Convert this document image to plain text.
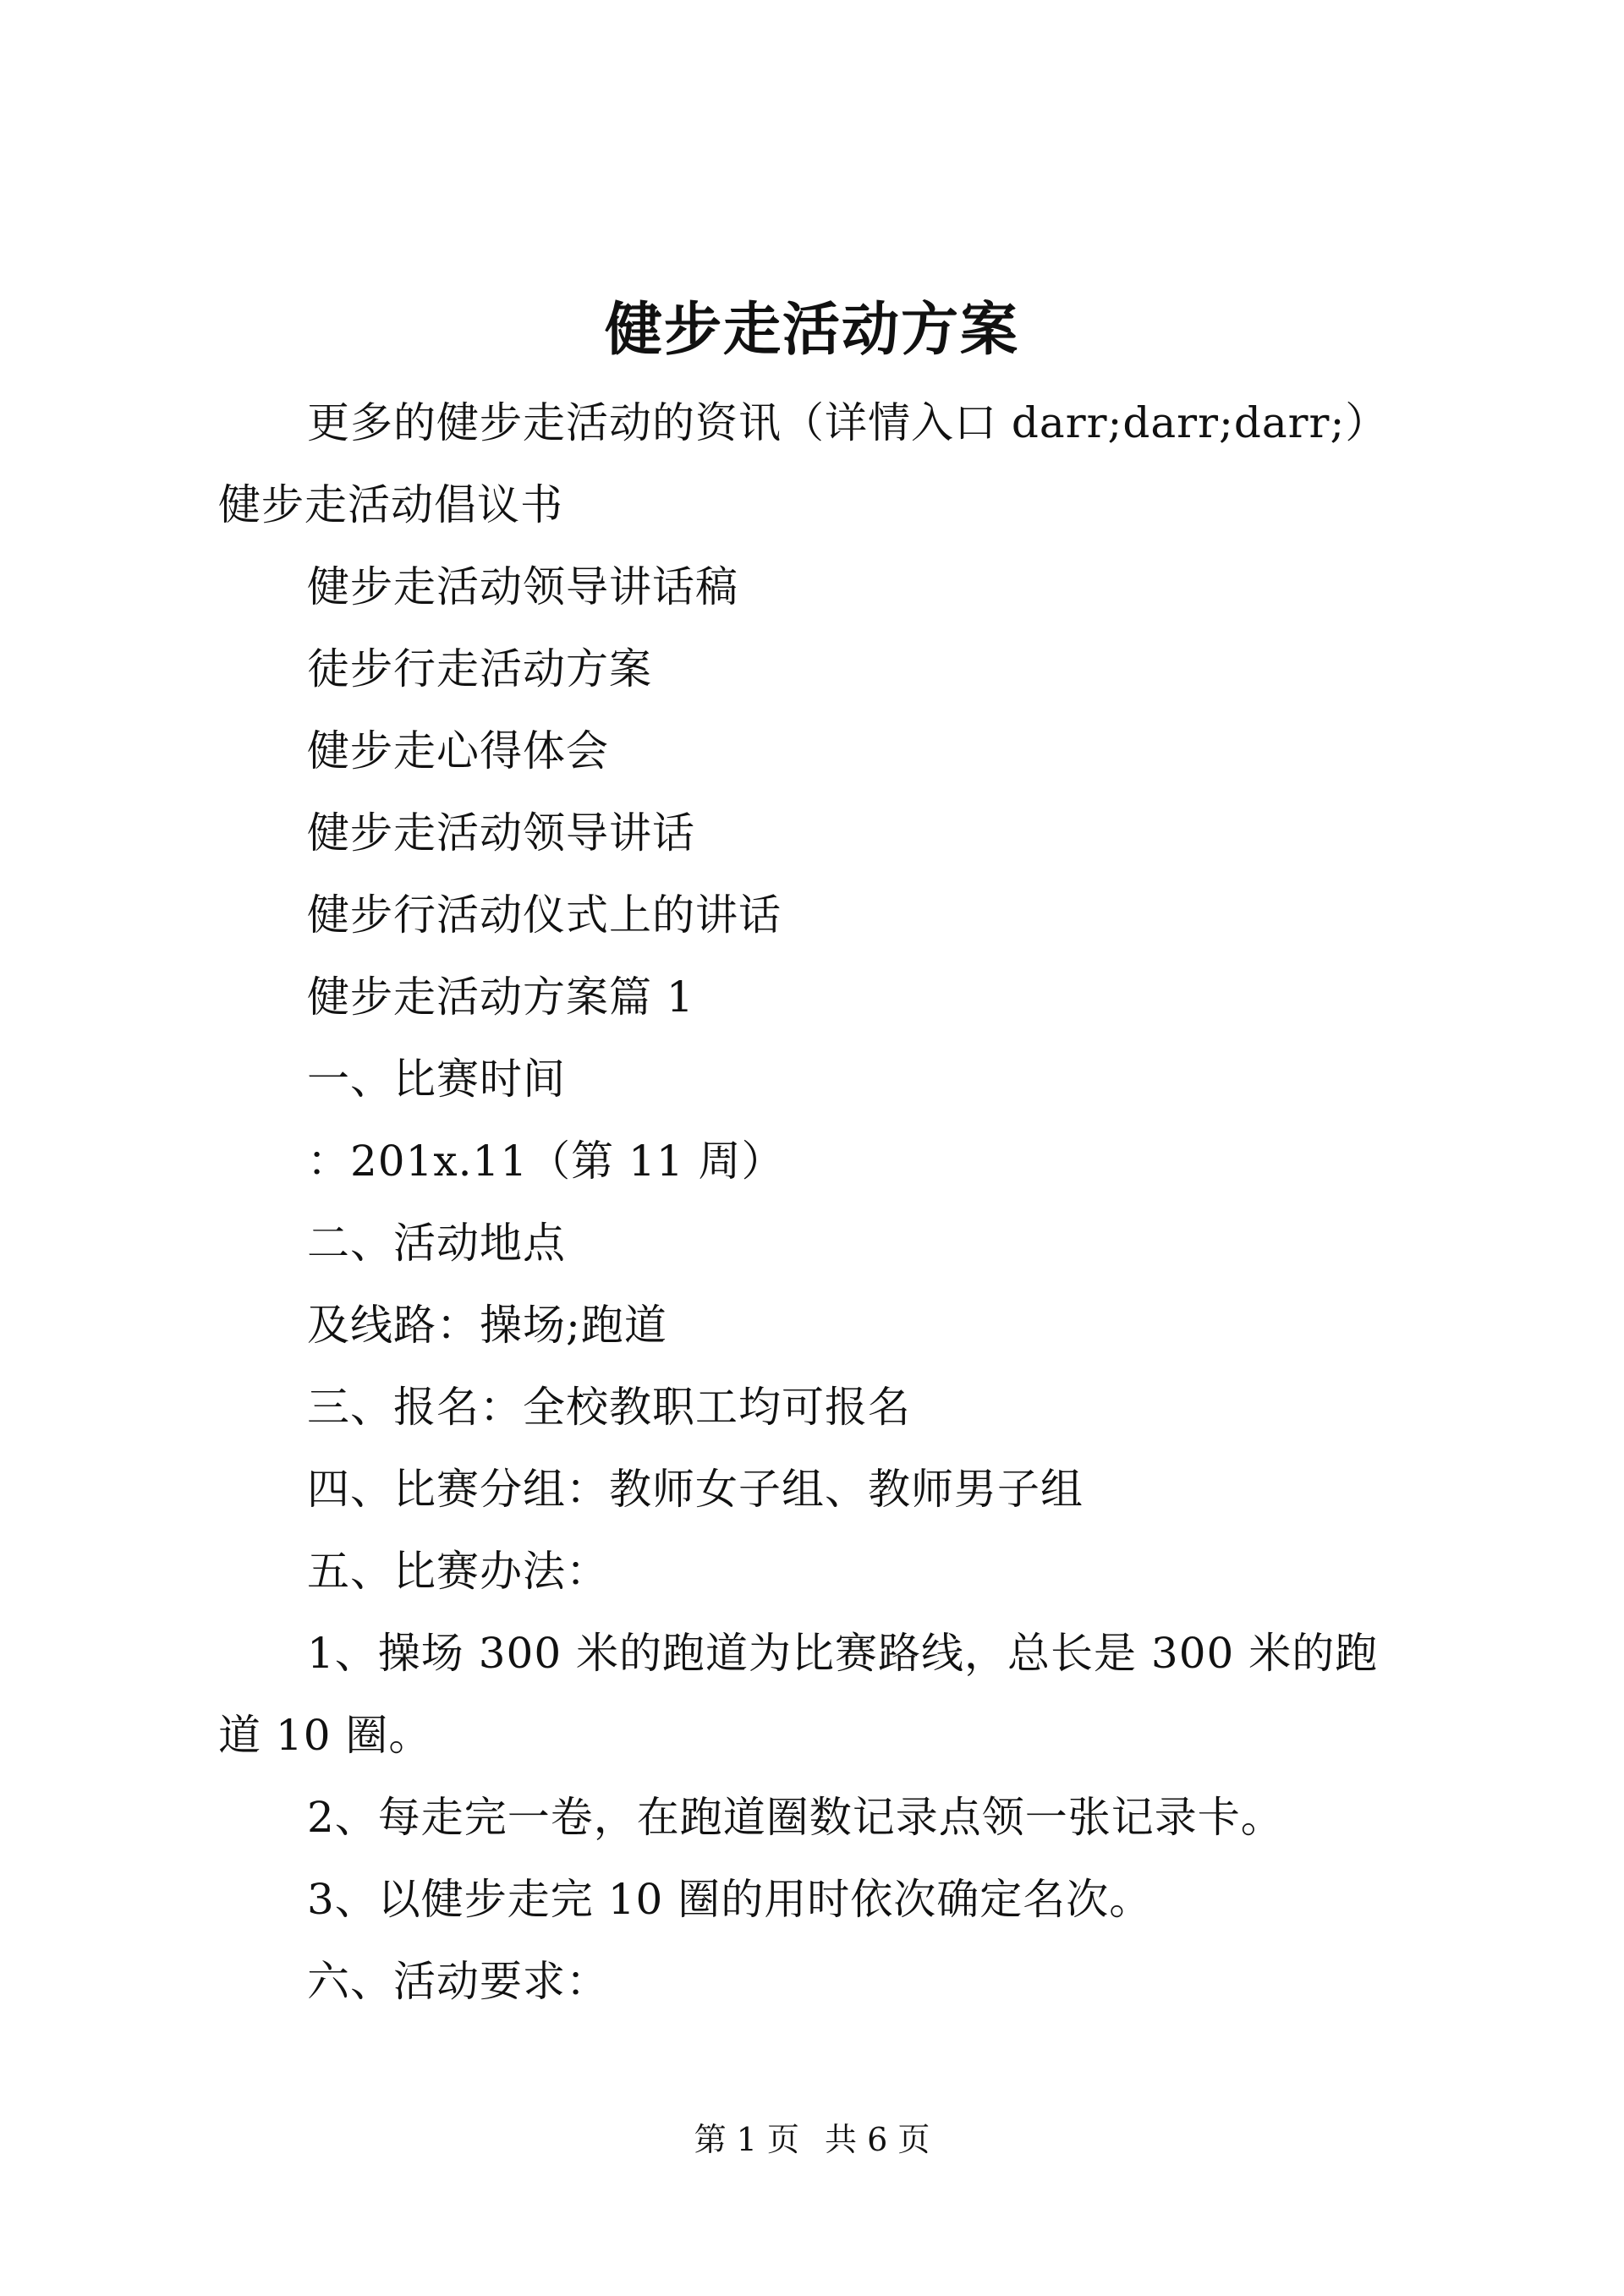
健步走活动方案

更多的健步走活动的资讯（详情入口 darr;darr;darr;）健步走活动倡议书

健步走活动领导讲话稿

徒步行走活动方案

健步走心得体会

健步走活动领导讲话

健步行活动仪式上的讲话

健步走活动方案篇 1

一、比赛时间

：201x.11（第 11 周）

二、活动地点

及线路：操场;跑道

三、报名：全校教职工均可报名

四、比赛分组：教师女子组、教师男子组

五、比赛办法：

1、操场 300 米的跑道为比赛路线，总长是 300 米的跑道 10 圈。

2、每走完一卷，在跑道圈数记录点领一张记录卡。

3、以健步走完 10 圈的用时依次确定名次。

六、活动要求：

第 1 页 共 6 页
